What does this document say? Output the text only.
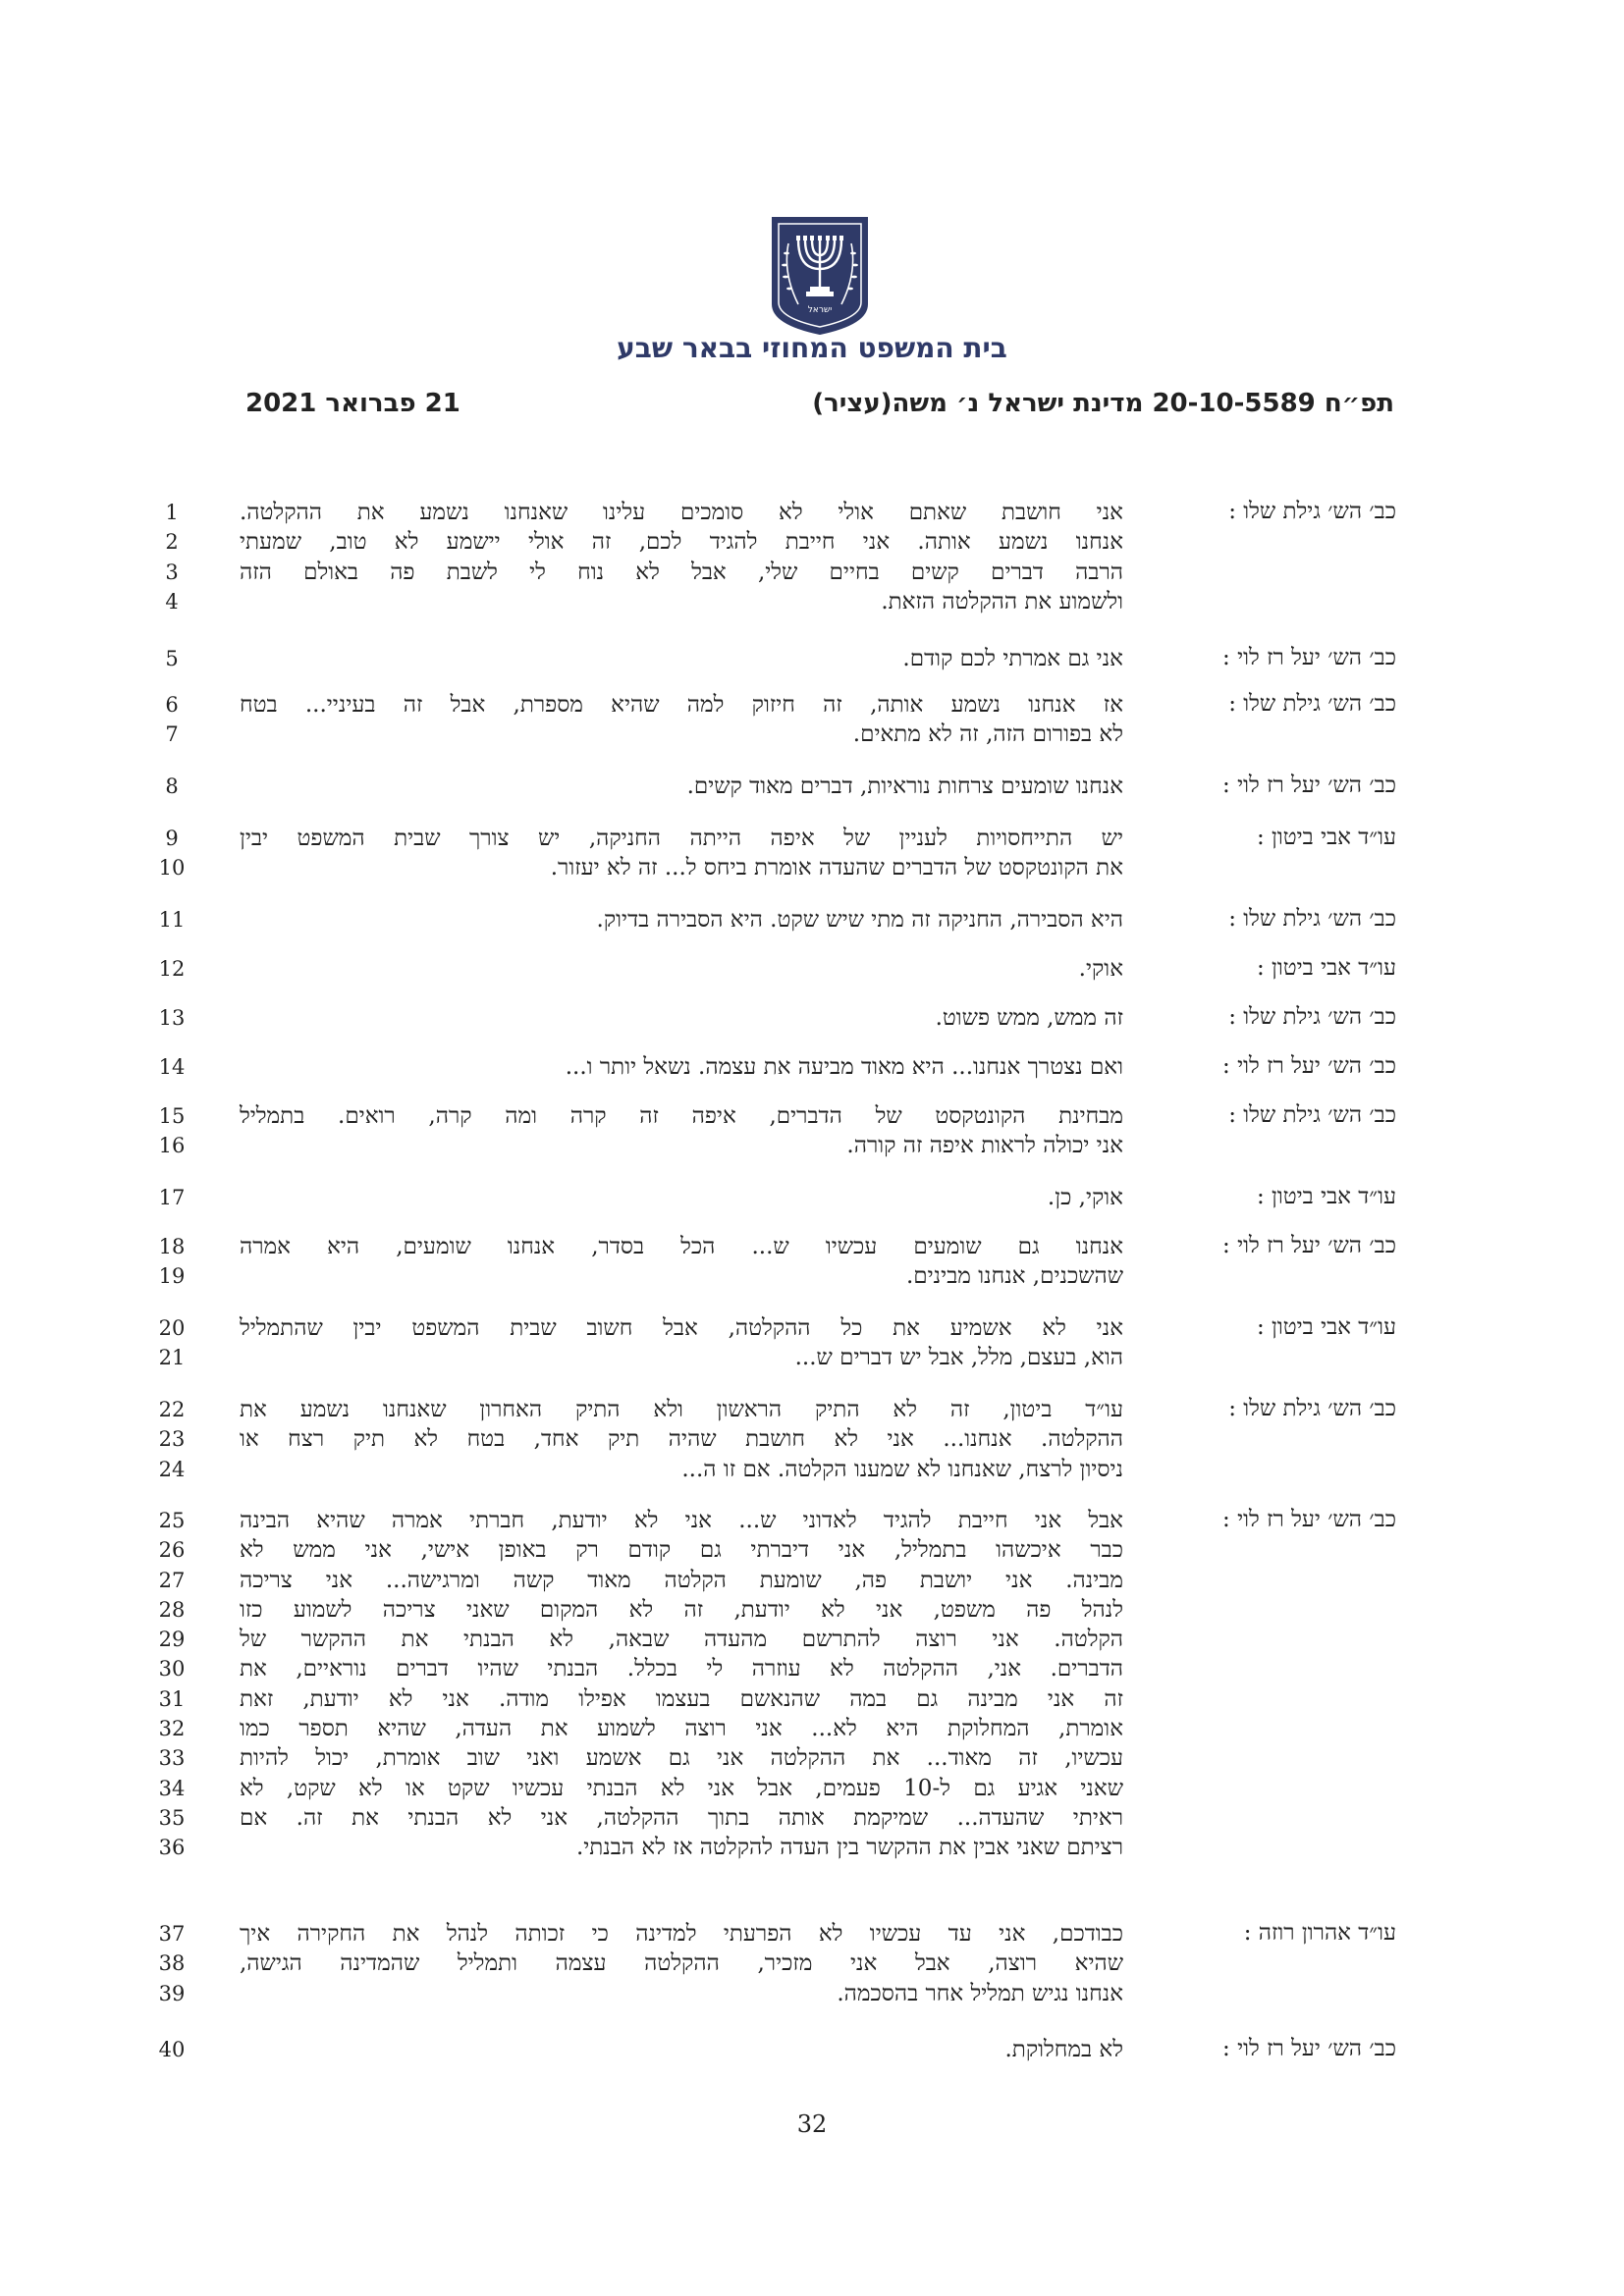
ישראל
בית המשפט המחוזי בבאר שבע
תפ״ח 20-10-5589 מדינת ישראל נ׳ משה(עציר)
21 פברואר 2021
כב׳ הש׳ גילת שלו :
אני חושבת שאתם אולי לא סומכים עלינו שאנחנו נשמע את ההקלטה.
אנחנו נשמע אותה. אני חייבת להגיד לכם, זה אולי יישמע לא טוב, שמעתי
הרבה דברים קשים בחיים שלי, אבל לא נוח לי לשבת פה באולם הזה
ולשמוע את ההקלטה הזאת.
1
2
3
4
כב׳ הש׳ יעל רז לוי :
אני גם אמרתי לכם קודם.
5
כב׳ הש׳ גילת שלו :
אז אנחנו נשמע אותה, זה חיזוק למה שהיא מספרת, אבל זה בעיניי... בטח
לא בפורום הזה, זה לא מתאים.
6
7
כב׳ הש׳ יעל רז לוי :
אנחנו שומעים צרחות נוראיות, דברים מאוד קשים.
8
עו״ד אבי ביטון :
יש התייחסויות לעניין של איפה הייתה החניקה, יש צורך שבית המשפט יבין
את הקונטקסט של הדברים שהעדה אומרת ביחס ל... זה לא יעזור.
9
10
כב׳ הש׳ גילת שלו :
היא הסבירה, החניקה זה מתי שיש שקט. היא הסבירה בדיוק.
11
עו״ד אבי ביטון :
אוקי.
12
כב׳ הש׳ גילת שלו :
זה ממש, ממש פשוט.
13
כב׳ הש׳ יעל רז לוי :
ואם נצטרך אנחנו... היא מאוד מביעה את עצמה. נשאל יותר ו...
14
כב׳ הש׳ גילת שלו :
מבחינת הקונטקסט של הדברים, איפה זה קרה ומה קרה, רואים. בתמליל
אני יכולה לראות איפה זה קורה.
15
16
עו״ד אבי ביטון :
אוקי, כן.
17
כב׳ הש׳ יעל רז לוי :
אנחנו גם שומעים עכשיו ש... הכל בסדר, אנחנו שומעים, היא אמרה
שהשכנים, אנחנו מבינים.
18
19
עו״ד אבי ביטון :
אני לא אשמיע את כל ההקלטה, אבל חשוב שבית המשפט יבין שהתמליל
הוא, בעצם, מלל, אבל יש דברים ש...
20
21
כב׳ הש׳ גילת שלו :
עו״ד ביטון, זה לא התיק הראשון ולא התיק האחרון שאנחנו נשמע את
ההקלטה. אנחנו... אני לא חושבת שהיה תיק אחד, בטח לא תיק רצח או
ניסיון לרצח, שאנחנו לא שמענו הקלטה. אם זו ה...
22
23
24
כב׳ הש׳ יעל רז לוי :
אבל אני חייבת להגיד לאדוני ש... אני לא יודעת, חברתי אמרה שהיא הבינה
כבר איכשהו בתמליל, אני דיברתי גם קודם רק באופן אישי, אני ממש לא
מבינה. אני יושבת פה, שומעת הקלטה מאוד קשה ומרגישה... אני צריכה
לנהל פה משפט, אני לא יודעת, זה לא המקום שאני צריכה לשמוע כזו
הקלטה. אני רוצה להתרשם מהעדה שבאה, לא הבנתי את ההקשר של
הדברים. אני, ההקלטה לא עוזרה לי בכלל. הבנתי שהיו דברים נוראיים, את
זה אני מבינה גם במה שהנאשם בעצמו אפילו מודה. אני לא יודעת, זאת
אומרת, המחלוקת היא לא... אני רוצה לשמוע את העדה, שהיא תספר כמו
עכשיו, זה מאוד... את ההקלטה אני גם אשמע ואני שוב אומרת, יכול להיות
שאני אגיע גם ל-10 פעמים, אבל אני לא הבנתי עכשיו שקט או לא שקט, לא
ראיתי שהעדה... שמיקמת אותה בתוך ההקלטה, אני לא הבנתי את זה. אם
רציתם שאני אבין את ההקשר בין העדה להקלטה אז לא הבנתי.
25
26
27
28
29
30
31
32
33
34
35
36
עו״ד אהרון רוזה :
כבודכם, אני עד עכשיו לא הפרעתי למדינה כי זכותה לנהל את החקירה איך
שהיא רוצה, אבל אני מזכיר, ההקלטה עצמה ותמליל שהמדינה הגישה,
אנחנו נגיש תמליל אחר בהסכמה.
37
38
39
כב׳ הש׳ יעל רז לוי :
לא במחלוקת.
40
32
